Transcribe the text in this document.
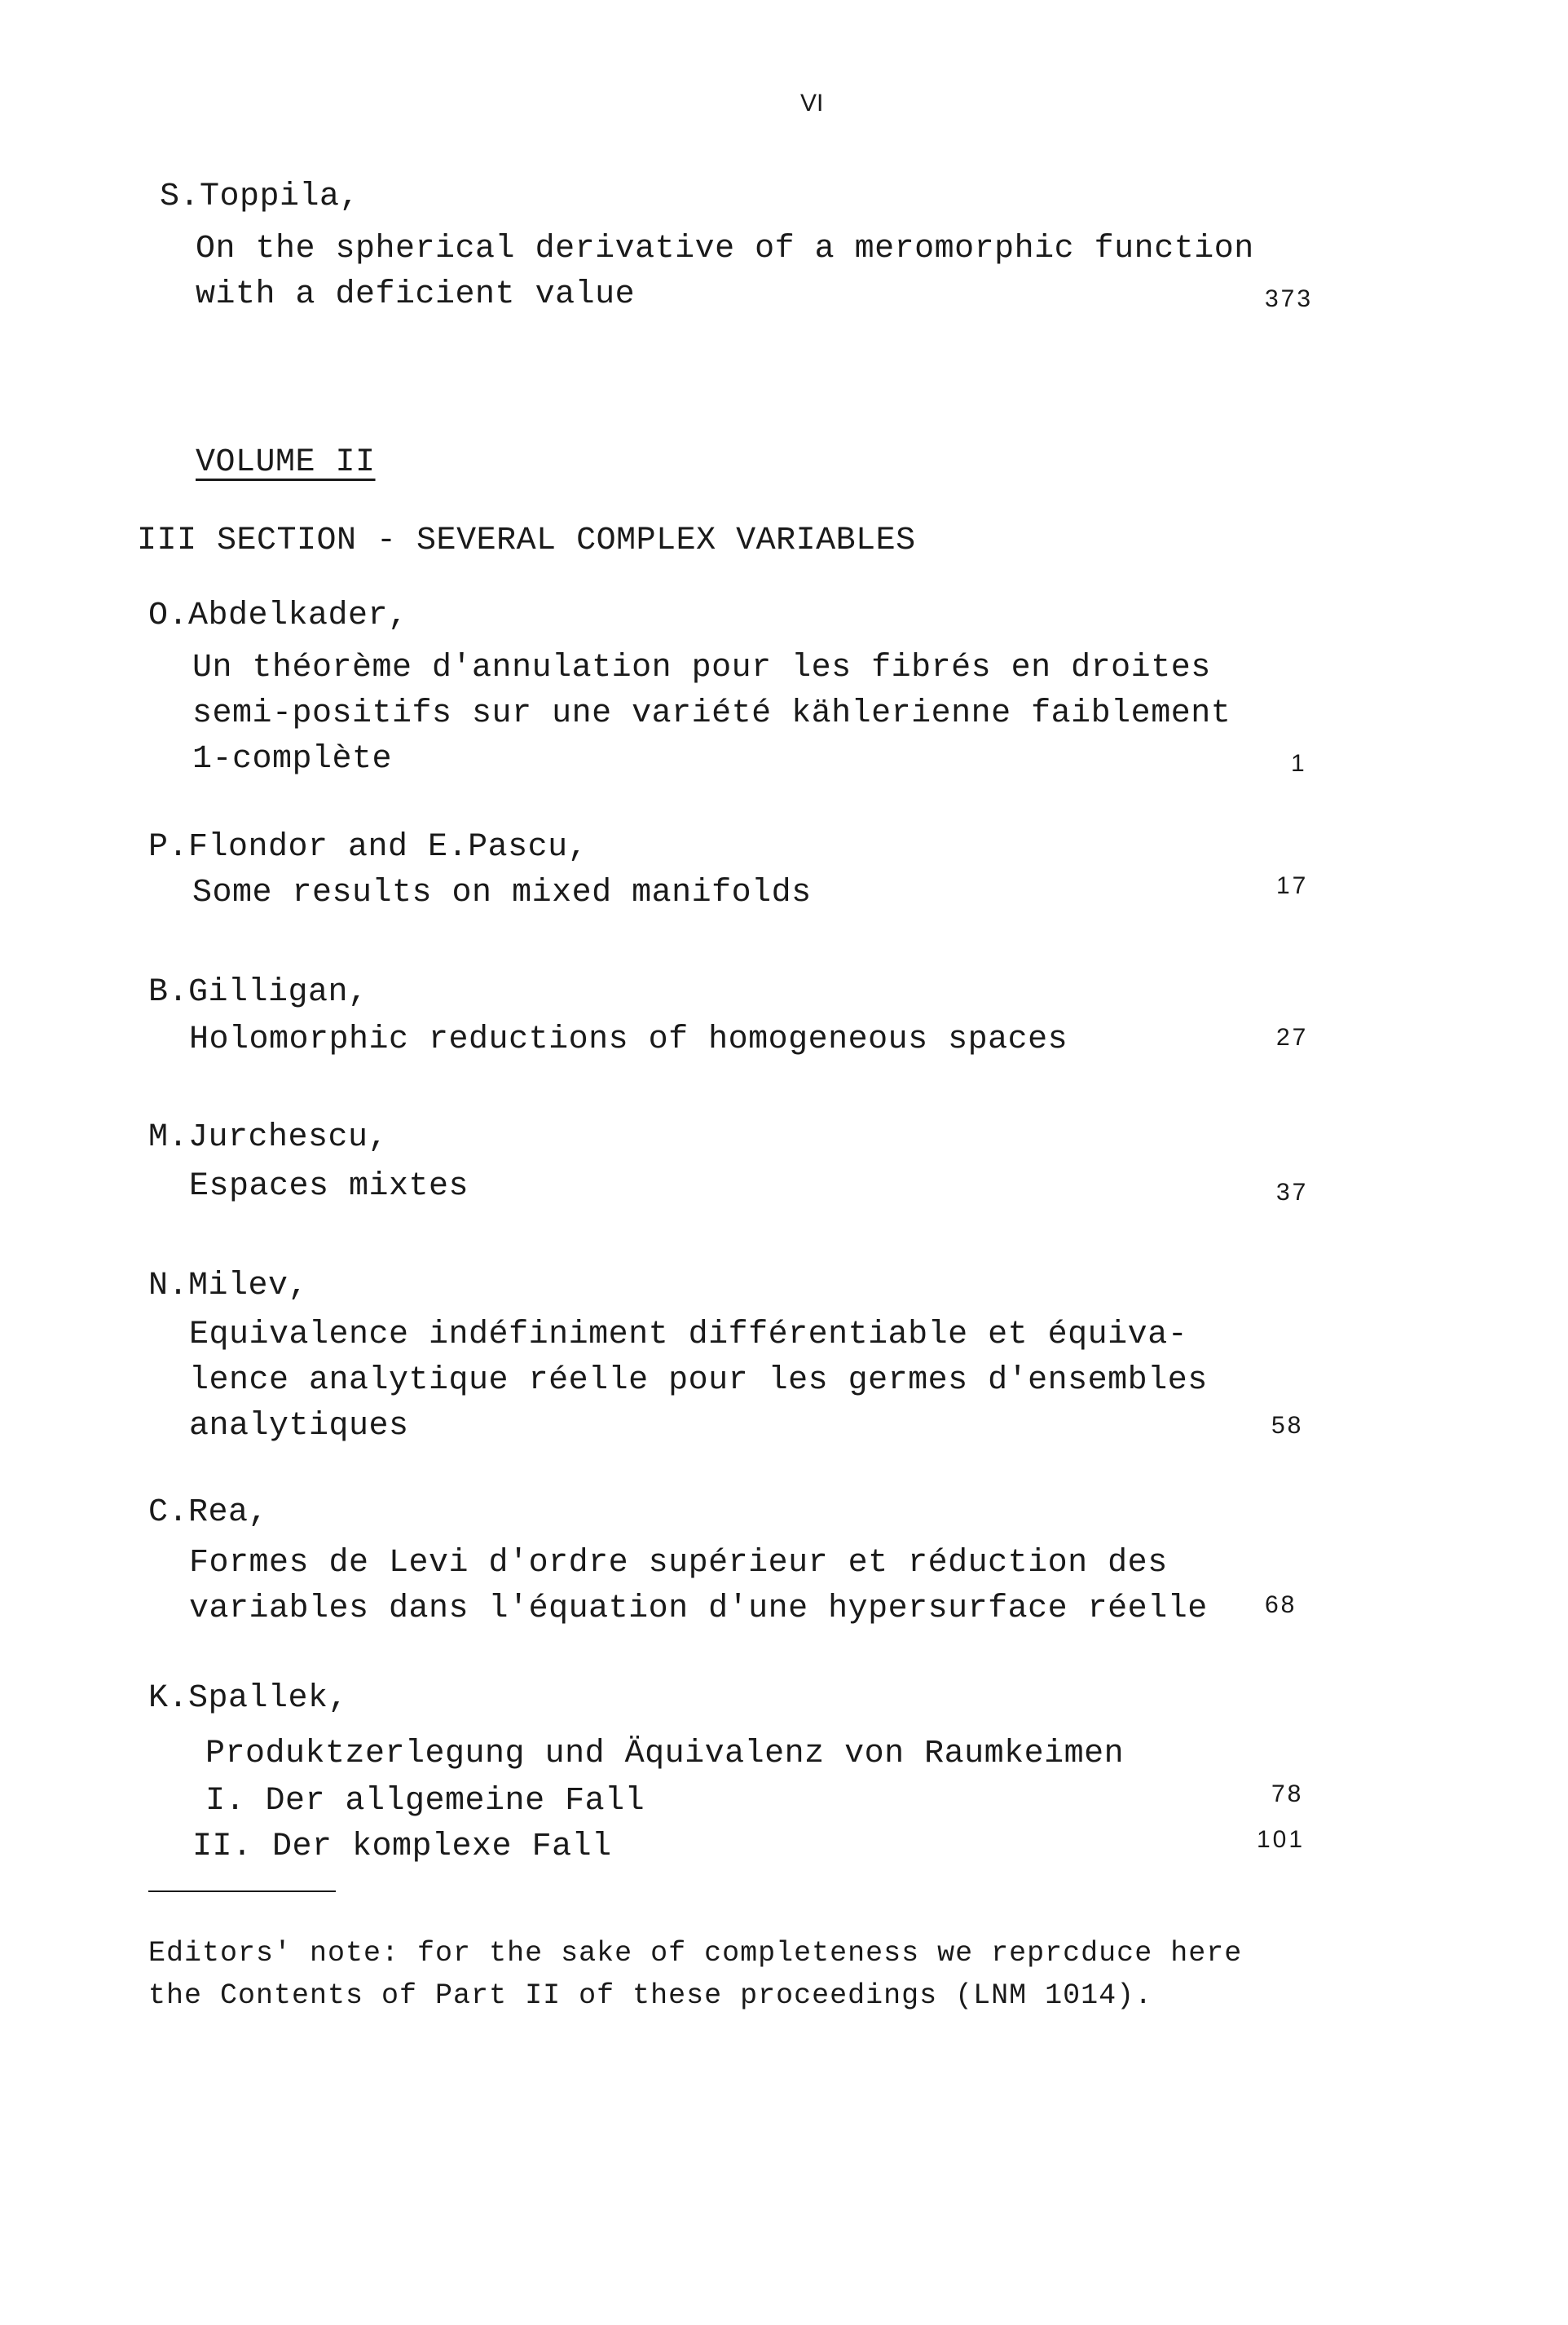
VI
S.Toppila,
On the spherical derivative of a meromorphic function
with a deficient value	373
VOLUME II
III SECTION - SEVERAL COMPLEX VARIABLES
O.Abdelkader,
Un théorème d'annulation pour les fibrés en droites
semi-positifs sur une variété kählerienne faiblement
1-complète	1
P.Flondor and E.Pascu,
Some results on mixed manifolds	17
B.Gilligan,
Holomorphic reductions of homogeneous spaces	27
M.Jurchescu,
Espaces mixtes	37
N.Milev,
Equivalence indéfiniment différentiable et équiva-
lence analytique réelle pour les germes d'ensembles
analytiques	58
C.Rea,
Formes de Levi d'ordre supérieur et réduction des
variables dans l'équation d'une hypersurface réelle 68
K.Spallek,
Produktzerlegung und Äquivalenz von Raumkeimen
I. Der allgemeine Fall	78
II. Der komplexe Fall	101
Editors' note: for the sake of completeness we reprcduce here
the Contents of Part II of these proceedings (LNM 1014).
